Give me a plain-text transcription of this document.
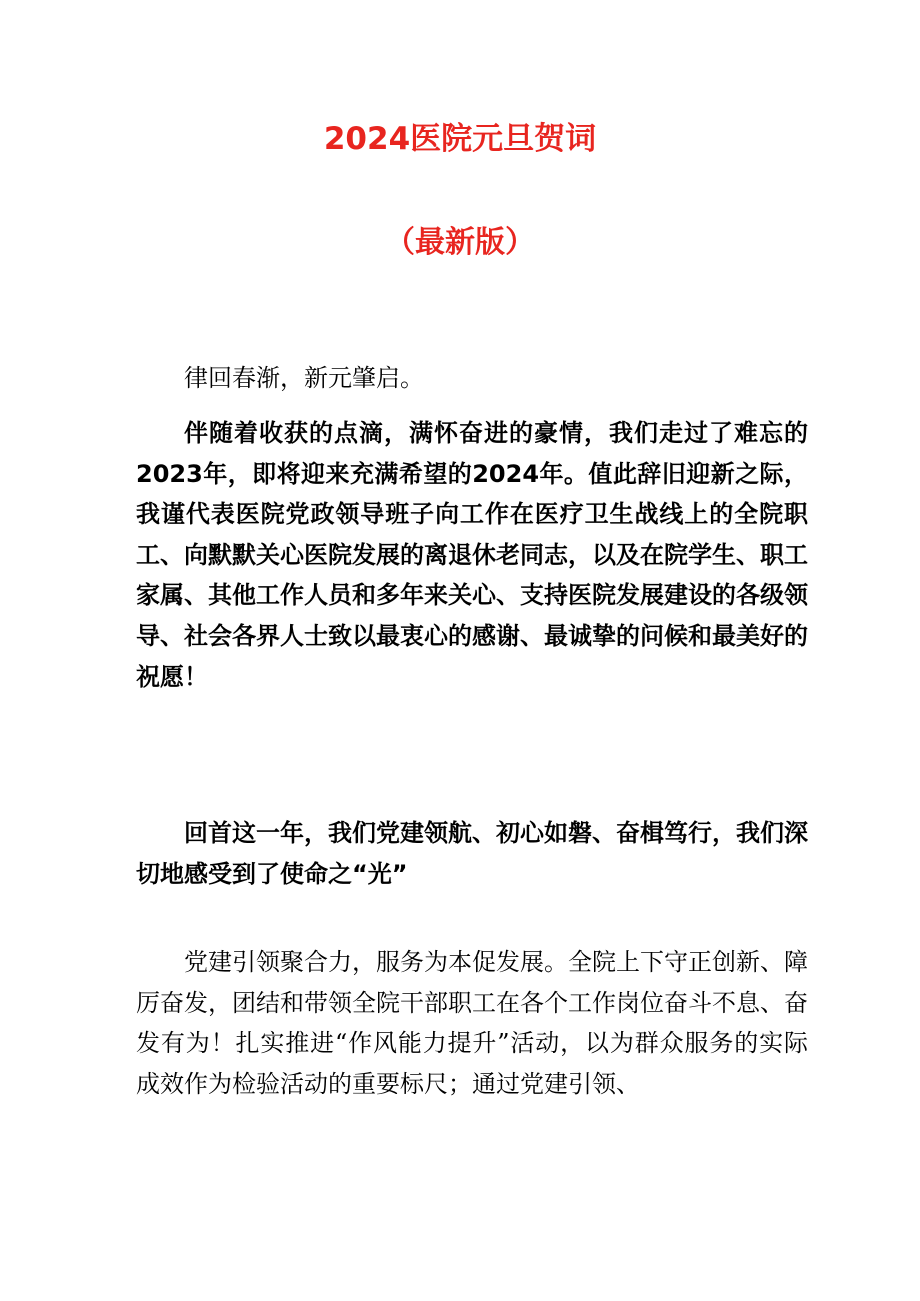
2024医院元旦贺词
（最新版）

律回春渐，新元肇启。

伴随着收获的点滴，满怀奋进的豪情，我们走过了难忘的2023年，即将迎来充满希望的2024年。值此辞旧迎新之际，我谨代表医院党政领导班子向工作在医疗卫生战线上的全院职工、向默默关心医院发展的离退休老同志，以及在院学生、职工家属、其他工作人员和多年来关心、支持医院发展建设的各级领导、社会各界人士致以最衷心的感谢、最诚挚的问候和最美好的祝愿！

回首这一年，我们党建领航、初心如磐、奋楫笃行，我们深切地感受到了使命之“光”

党建引领聚合力，服务为本促发展。全院上下守正创新、障厉奋发，团结和带领全院干部职工在各个工作岗位奋斗不息、奋发有为！扎实推进“作风能力提升”活动，以为群众服务的实际成效作为检验活动的重要标尺；通过党建引领、
